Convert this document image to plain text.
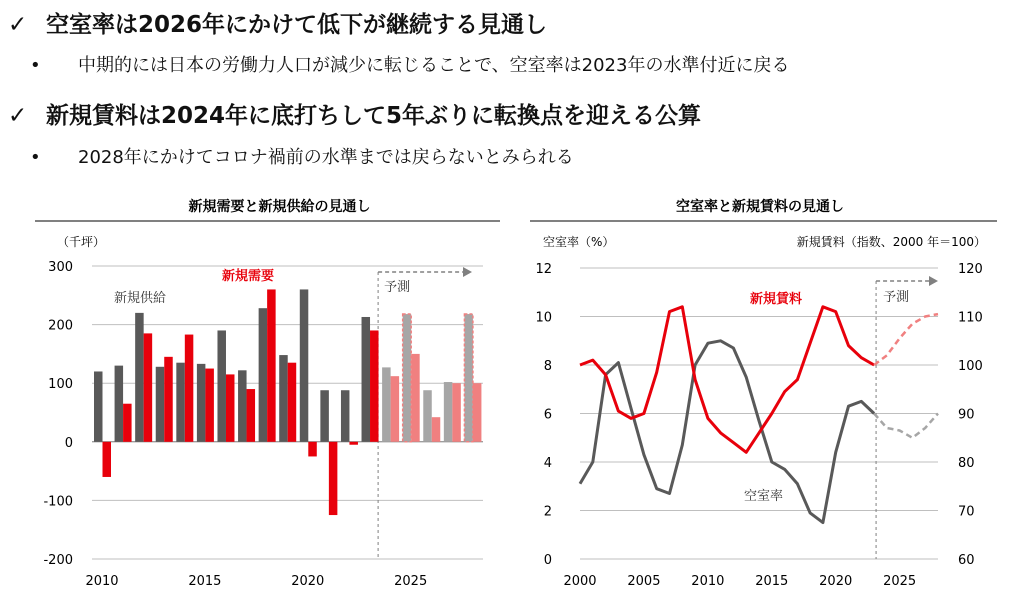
✓ 空室率は2026年にかけて低下が継続する見通し
• 中期的には日本の労働力人口が減少に転じることで、空室率は2023年の水準付近に戻る
✓ 新規賃料は2024年に底打ちして5年ぶりに転換点を迎える公算
• 2028年にかけてコロナ禍前の水準までは戻らないとみられる
新規需要と新規供給の見通し
（千坪）
-200
-100
0
100
200
300
予測
2010	2015	2020	2025
新規供給
新規需要
空室率と新規賃料の見通し
空室率（%）	新規賃料（指数、2000 年＝100）
0
2
4
6
8
10
12
60
70
80
90
100
110
120
2000 2005 2010 2015 2020 2025
予測
新規賃料
空室率
